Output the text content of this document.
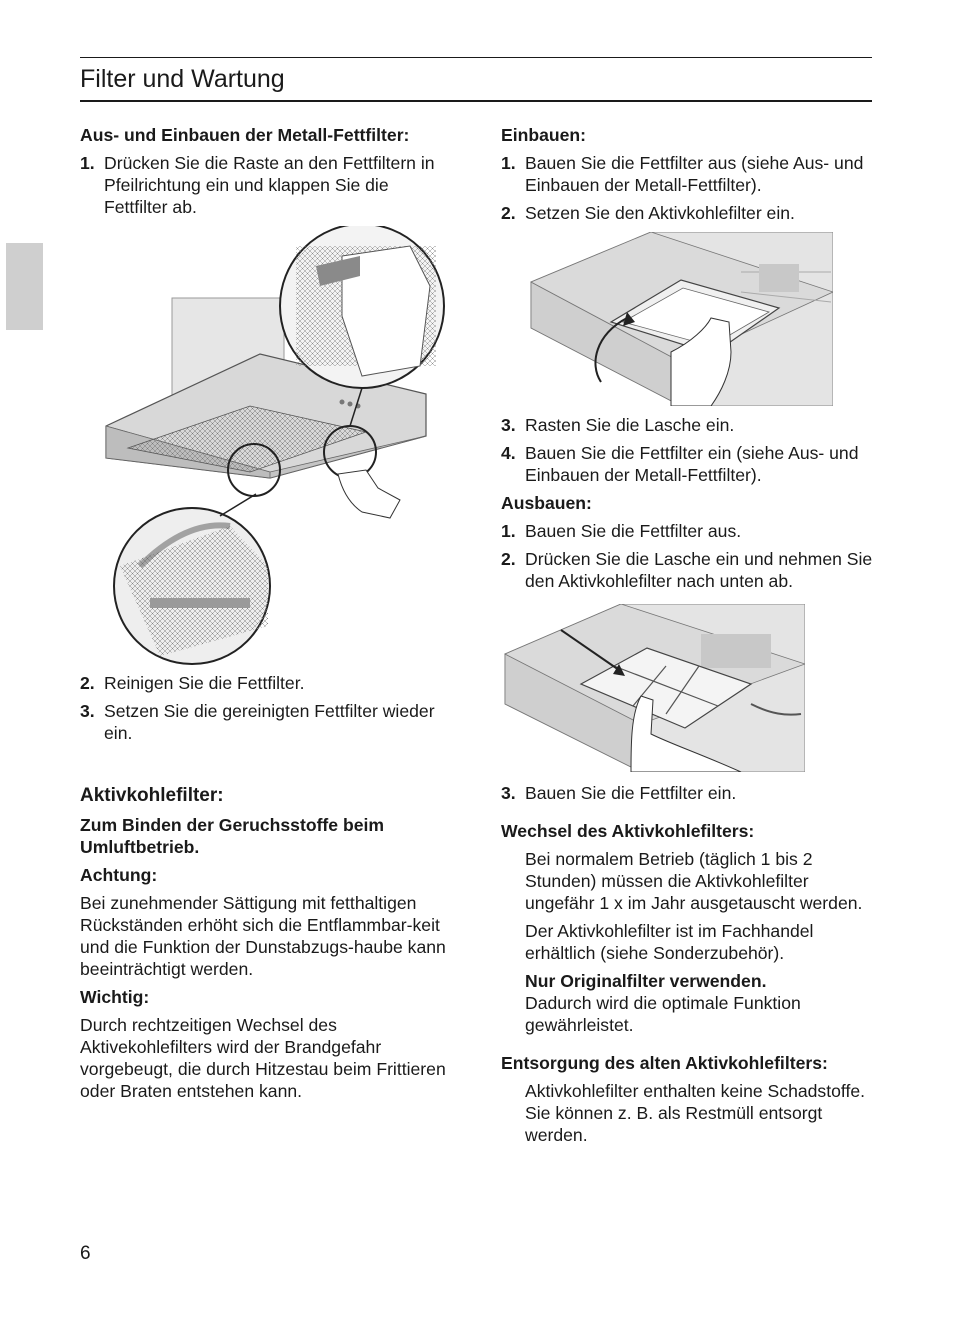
Filter und Wartung

Aus- und Einbauen der Metall-Fettfilter:

1. Drücken Sie die Raste an den Fettfiltern in Pfeilrichtung ein und klappen Sie die Fettfilter ab.
2. Reinigen Sie die Fettfilter.
3. Setzen Sie die gereinigten Fettfilter wieder ein.

Aktivkohlefilter:

Zum Binden der Geruchsstoffe beim Umluftbetrieb.

Achtung:

Bei zunehmender Sättigung mit fetthaltigen Rückständen erhöht sich die Entflammbar-keit und die Funktion der Dunstabzugs-haube kann beeinträchtigt werden.

Wichtig:

Durch rechtzeitigen Wechsel des Aktivekohlefilters wird der Brandgefahr vorgebeugt, die durch Hitzestau beim Frittieren oder Braten entstehen kann.

Einbauen:

1. Bauen Sie die Fettfilter aus (siehe Aus- und Einbauen der Metall-Fettfilter).
2. Setzen Sie den Aktivkohlefilter ein.
3. Rasten Sie die Lasche ein.
4. Bauen Sie die Fettfilter ein (siehe Aus- und Einbauen der Metall-Fettfilter).

Ausbauen:

1. Bauen Sie die Fettfilter aus.
2. Drücken Sie die Lasche ein und nehmen Sie den Aktivkohlefilter nach unten ab.
3. Bauen Sie die Fettfilter ein.

Wechsel des Aktivkohlefilters:

Bei normalem Betrieb (täglich 1 bis 2 Stunden) müssen die Aktivkohlefilter ungefähr 1 x im Jahr ausgetauscht werden.

Der Aktivkohlefilter ist im Fachhandel erhältlich (siehe Sonderzubehör).

Nur Originalfilter verwenden.

Dadurch wird die optimale Funktion gewährleistet.

Entsorgung des alten Aktivkohlefilters:

Aktivkohlefilter enthalten keine Schadstoffe. Sie können z. B. als Restmüll entsorgt werden.

6
